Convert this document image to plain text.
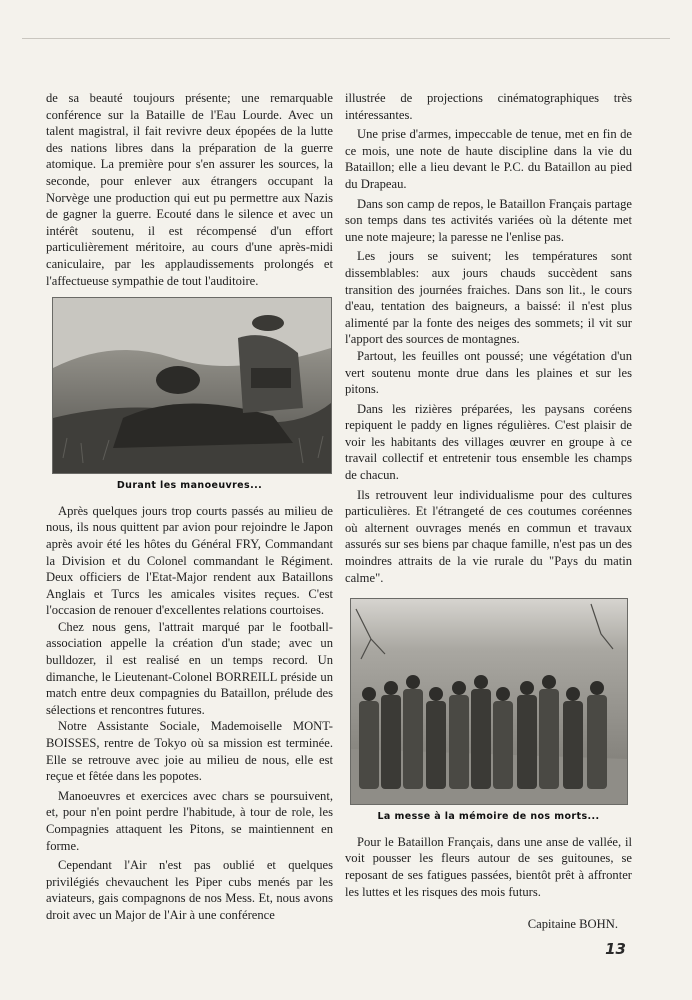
de sa beauté toujours présente; une remarquable conférence sur la Bataille de l'Eau Lourde. Avec un talent magistral, il fait revivre deux épopées de la lutte des nations libres dans la préparation de la guerre atomique. La première pour s'en assurer les sources, la seconde, pour enlever aux étrangers occupant la Norvège une production qui eut pu permettre aux Nazis de gagner la guerre. Ecouté dans le silence et avec un intérêt soutenu, il est récompensé d'un effort particulièrement méritoire, au cours d'une après-midi caniculaire, par les applaudissements prolongés et l'affectueuse sympathie de tout l'auditoire.

Durant les manoeuvres...

Après quelques jours trop courts passés au milieu de nous, ils nous quittent par avion pour rejoindre le Japon après avoir été les hôtes du Général FRY, Commandant la Division et du Colonel commandant le Régiment. Deux officiers de l'Etat-Major rendent aux Bataillons Anglais et Turcs les amicales visites reçues. C'est l'occasion de renouer d'excellentes relations courtoises.

Chez nous gens, l'attrait marqué par le football-association appelle la création d'un stade; avec un bulldozer, il est realisé en un temps record. Un dimanche, le Lieutenant-Colonel BORREILL préside un match entre deux compagnies du Bataillon, prélude des sélections et rencontres futures.

Notre Assistante Sociale, Mademoiselle MONT-BOISSES, rentre de Tokyo où sa mission est terminée. Elle se retrouve avec joie au milieu de nous, elle est reçue et fêtée dans les popotes.

Manoeuvres et exercices avec chars se poursuivent, et, pour n'en point perdre l'habitude, à tour de role, les Compagnies attaquent les Pitons, se maintiennent en forme.

Cependant l'Air n'est pas oublié et quelques privilégiés chevauchent les Piper cubs menés par les aviateurs, gais compagnons de nos Mess. Et, nous avons droit avec un Major de l'Air à une conférence

illustrée de projections cinématographiques très intéressantes.

Une prise d'armes, impeccable de tenue, met en fin de ce mois, une note de haute discipline dans la vie du Bataillon; elle a lieu devant le P.C. du Bataillon au pied du Drapeau.

Dans son camp de repos, le Bataillon Français partage son temps dans tes activités variées où la détente met une note majeure; la paresse ne l'enlise pas.

Les jours se suivent; les températures sont dissemblables: aux jours chauds succèdent sans transition des journées fraiches. Dans son lit., le cours d'eau, tentation des baigneurs, a baissé: il n'est plus alimenté par la fonte des neiges des sommets; il vit sur l'apport des sources de montagnes.

Partout, les feuilles ont poussé; une végétation d'un vert soutenu monte drue dans les plaines et sur les pitons.

Dans les rizières préparées, les paysans coréens repiquent le paddy en lignes régulières. C'est plaisir de voir les habitants des villages œuvrer en groupe à ce travail collectif et entretenir tous ensemble les champs de chacun.

Ils retrouvent leur individualisme pour des cultures particulières. Et l'étrangeté de ces coutumes coréennes où alternent ouvrages menés en commun et travaux assurés sur ses biens par chaque famille, n'est pas un des moindres attraits de la vie rurale du "Pays du matin calme".

La messe à la mémoire de nos morts...

Pour le Bataillon Français, dans une anse de vallée, il voit pousser les fleurs autour de ses guitounes, se reposant de ses fatigues passées, bientôt prêt à affronter les luttes et les risques des mois futurs.

Capitaine BOHN.
13
